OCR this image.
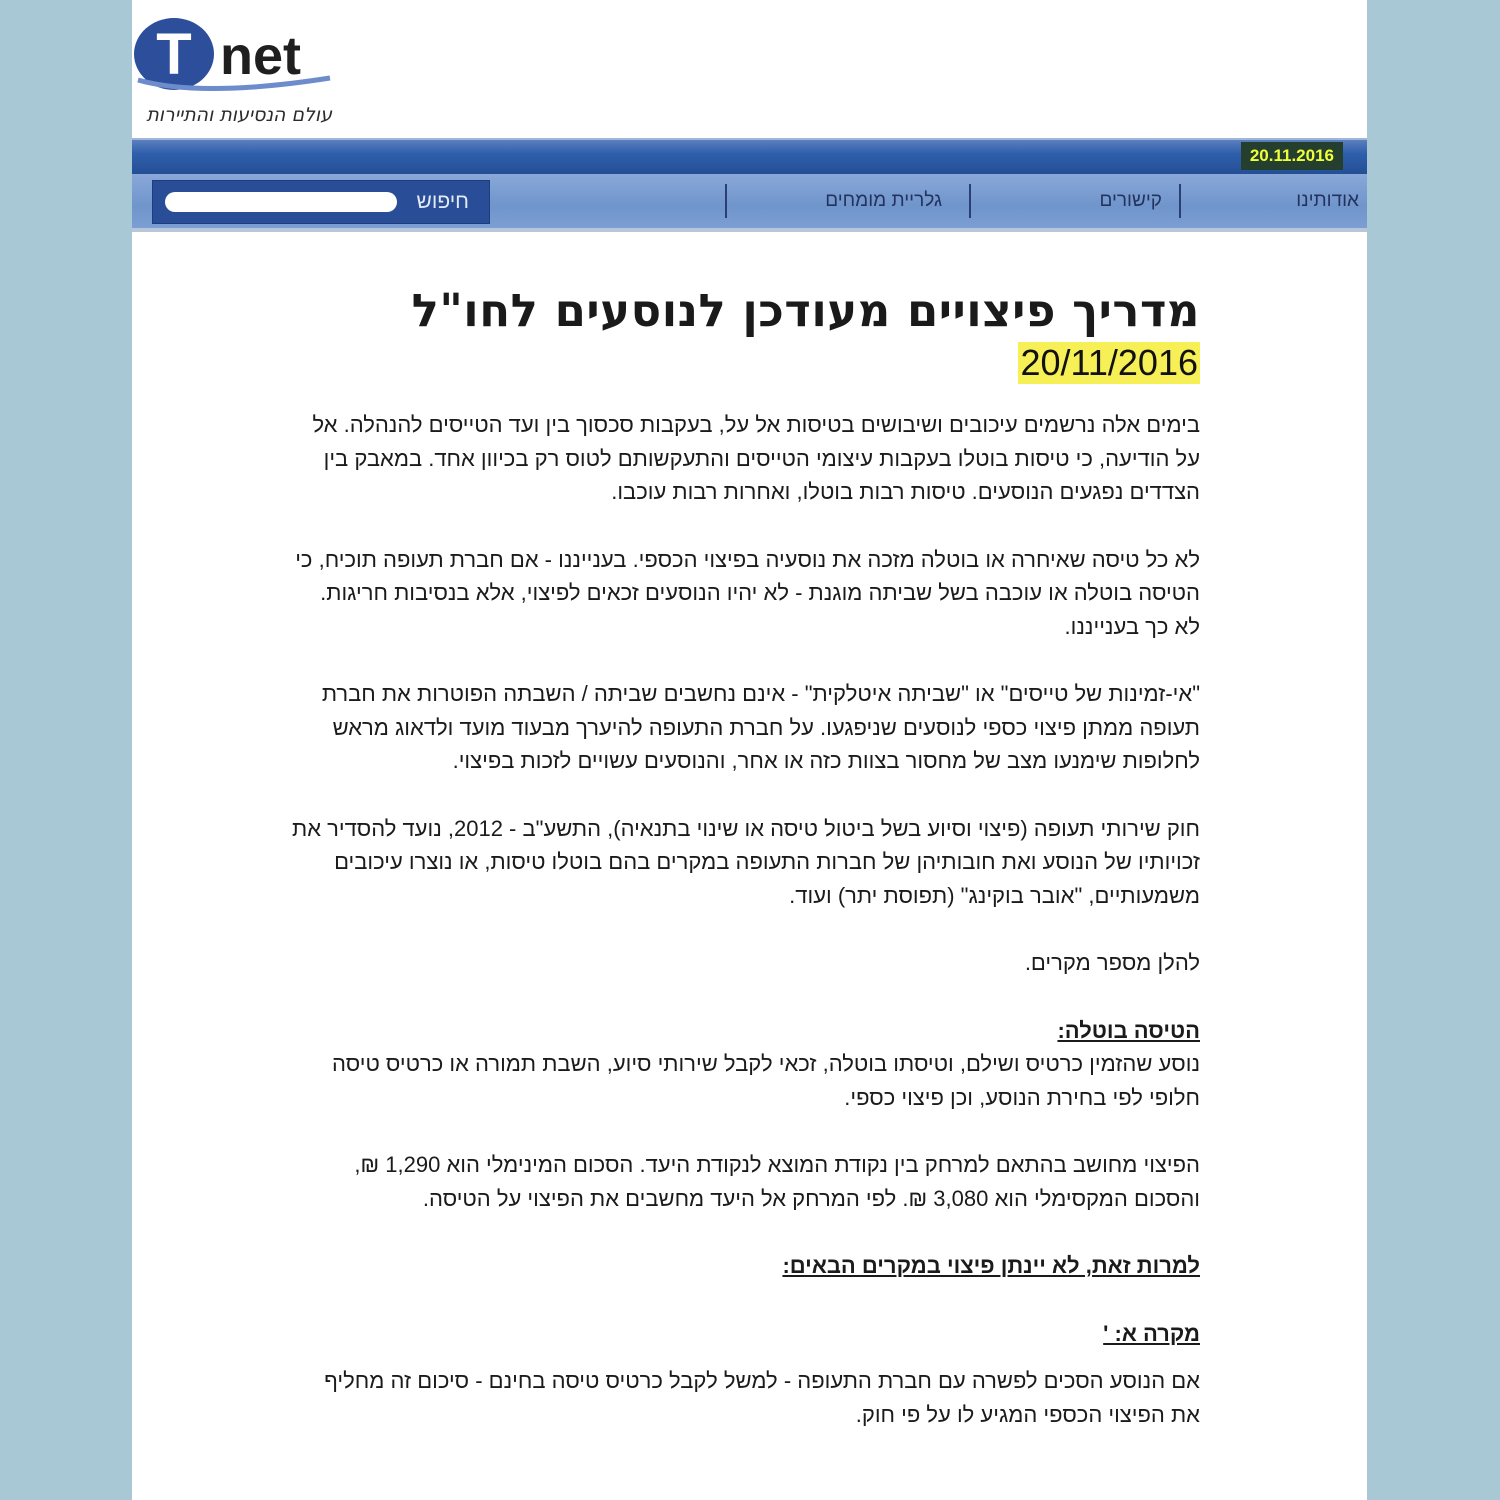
T net
עולם הנסיעות והתיירות
20.11.2016
אודותינו
קישורים
גלריית מומחים
חיפוש
מדריך פיצויים מעודכן לנוסעים לחו"ל
20/11/2016

בימים אלה נרשמים עיכובים ושיבושים בטיסות אל על, בעקבות סכסוך בין ועד הטייסים להנהלה. אל על הודיעה, כי טיסות בוטלו בעקבות עיצומי הטייסים והתעקשותם לטוס רק בכיוון אחד. במאבק בין הצדדים נפגעים הנוסעים. טיסות רבות בוטלו, ואחרות רבות עוכבו.

לא כל טיסה שאיחרה או בוטלה מזכה את נוסעיה בפיצוי הכספי. בענייננו - אם חברת תעופה תוכיח, כי הטיסה בוטלה או עוכבה בשל שביתה מוגנת - לא יהיו הנוסעים זכאים לפיצוי, אלא בנסיבות חריגות. לא כך בענייננו.

"אי-זמינות של טייסים" או "שביתה איטלקית" - אינם נחשבים שביתה / השבתה הפוטרות את חברת תעופה ממתן פיצוי כספי לנוסעים שניפגעו. על חברת התעופה להיערך מבעוד מועד ולדאוג מראש לחלופות שימנעו מצב של מחסור בצוות כזה או אחר, והנוסעים עשויים לזכות בפיצוי.

חוק שירותי תעופה (פיצוי וסיוע בשל ביטול טיסה או שינוי בתנאיה), התשע"ב - 2012, נועד להסדיר את זכויותיו של הנוסע ואת חובותיהן של חברות התעופה במקרים בהם בוטלו טיסות, או נוצרו עיכובים משמעותיים, "אובר בוקינג" (תפוסת יתר) ועוד.

להלן מספר מקרים.

הטיסה בוטלה:

נוסע שהזמין כרטיס ושילם, וטיסתו בוטלה, זכאי לקבל שירותי סיוע, השבת תמורה או כרטיס טיסה חלופי לפי בחירת הנוסע, וכן פיצוי כספי.

הפיצוי מחושב בהתאם למרחק בין נקודת המוצא לנקודת היעד. הסכום המינימלי הוא 1,290 ₪, והסכום המקסימלי הוא 3,080 ₪. לפי המרחק אל היעד מחשבים את הפיצוי על הטיסה.

למרות זאת, לא יינתן פיצוי במקרים הבאים:

מקרה א: '

אם הנוסע הסכים לפשרה עם חברת התעופה - למשל לקבל כרטיס טיסה בחינם - סיכום זה מחליף את הפיצוי הכספי המגיע לו על פי חוק.
